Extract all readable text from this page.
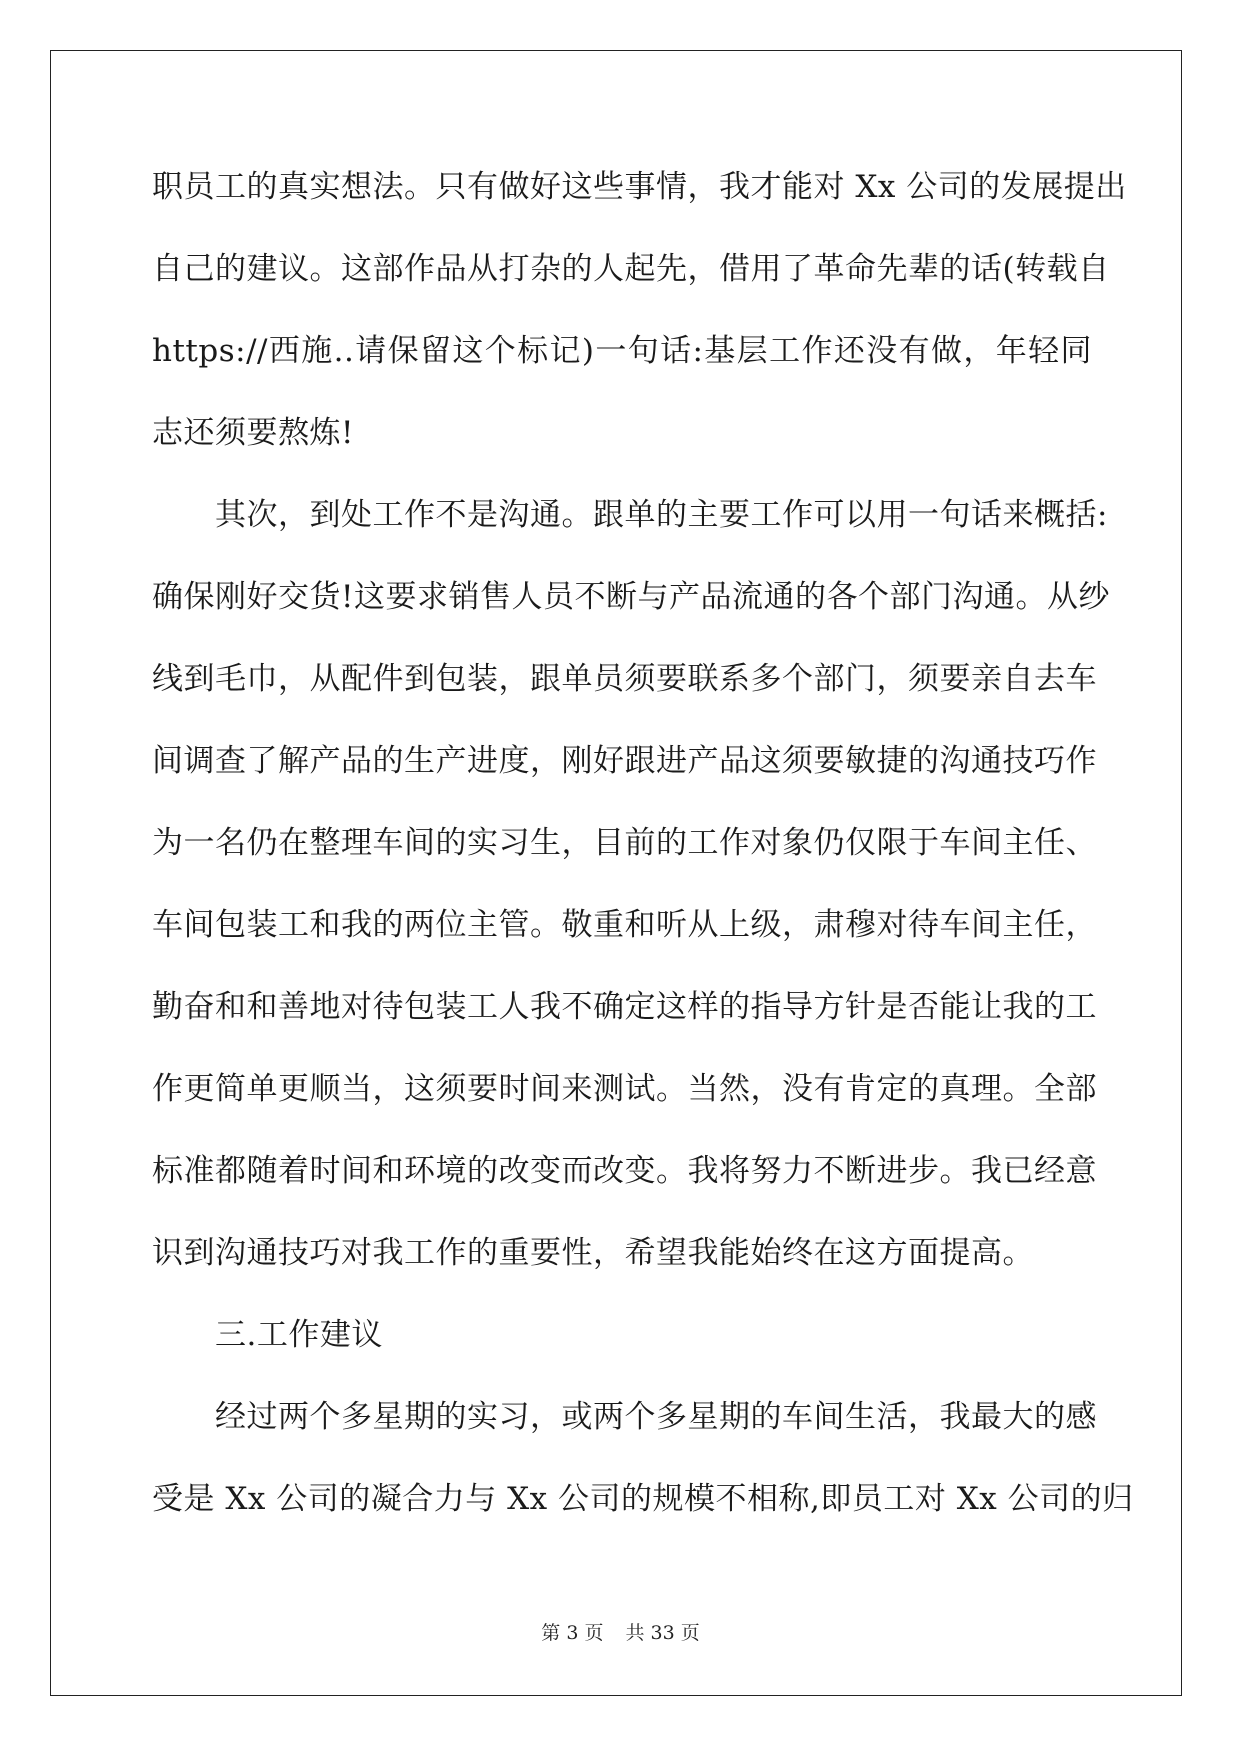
职员工的真实想法。只有做好这些事情，我才能对 Xx 公司的发展提出
自己的建议。这部作品从打杂的人起先，借用了革命先辈的话(转载自
https://西施..请保留这个标记)一句话:基层工作还没有做，年轻同
志还须要熬炼!
其次，到处工作不是沟通。跟单的主要工作可以用一句话来概括:
确保刚好交货!这要求销售人员不断与产品流通的各个部门沟通。从纱
线到毛巾，从配件到包装，跟单员须要联系多个部门，须要亲自去车
间调查了解产品的生产进度，刚好跟进产品这须要敏捷的沟通技巧作
为一名仍在整理车间的实习生，目前的工作对象仍仅限于车间主任、
车间包装工和我的两位主管。敬重和听从上级，肃穆对待车间主任，
勤奋和和善地对待包装工人我不确定这样的指导方针是否能让我的工
作更简单更顺当，这须要时间来测试。当然，没有肯定的真理。全部
标准都随着时间和环境的改变而改变。我将努力不断进步。我已经意
识到沟通技巧对我工作的重要性，希望我能始终在这方面提高。
三.工作建议
经过两个多星期的实习，或两个多星期的车间生活，我最大的感
受是 Xx 公司的凝合力与 Xx 公司的规模不相称,即员工对 Xx 公司的归
第 3 页 共 33 页
